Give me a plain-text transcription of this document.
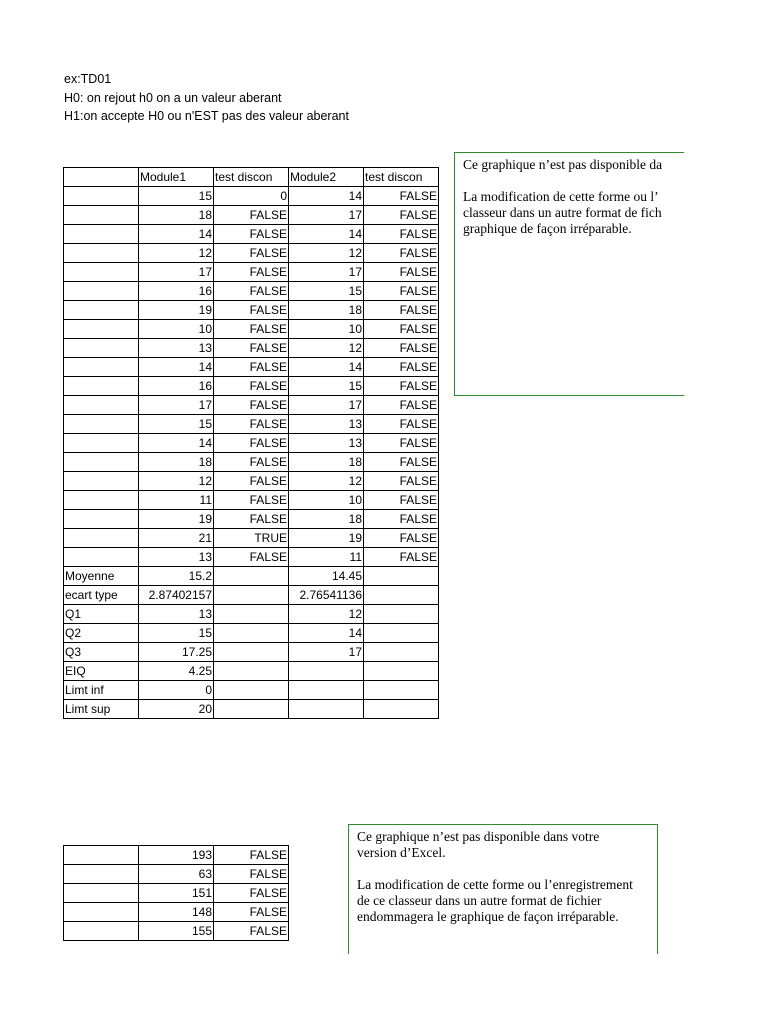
ex:TD01
H0: on rejout h0 on a un valeur aberant
H1:on accepte H0 ou n'EST pas des valeur aberant
	Module1	test discon	Module2	test discon
	15	0	14	FALSE
	18	FALSE	17	FALSE
	14	FALSE	14	FALSE
	12	FALSE	12	FALSE
	17	FALSE	17	FALSE
	16	FALSE	15	FALSE
	19	FALSE	18	FALSE
	10	FALSE	10	FALSE
	13	FALSE	12	FALSE
	14	FALSE	14	FALSE
	16	FALSE	15	FALSE
	17	FALSE	17	FALSE
	15	FALSE	13	FALSE
	14	FALSE	13	FALSE
	18	FALSE	18	FALSE
	12	FALSE	12	FALSE
	11	FALSE	10	FALSE
	19	FALSE	18	FALSE
	21	TRUE	19	FALSE
	13	FALSE	11	FALSE
Moyenne	15.2		14.45	
ecart type	2.87402157		2.76541136	
Q1	13		12	
Q2	15		14	
Q3	17.25		17	
EIQ	4.25			
Limt inf	0			
Limt sup	20			

Ce graphique n’est pas disponible da

La modification de cette forme ou l’

classeur dans un autre format de fich

graphique de façon irréparable.

	193	FALSE
	63	FALSE
	151	FALSE
	148	FALSE
	155	FALSE

Ce graphique n’est pas disponible dans votre

version d’Excel.

La modification de cette forme ou l’enregistrement

de ce classeur dans un autre format de fichier

endommagera le graphique de façon irréparable.
